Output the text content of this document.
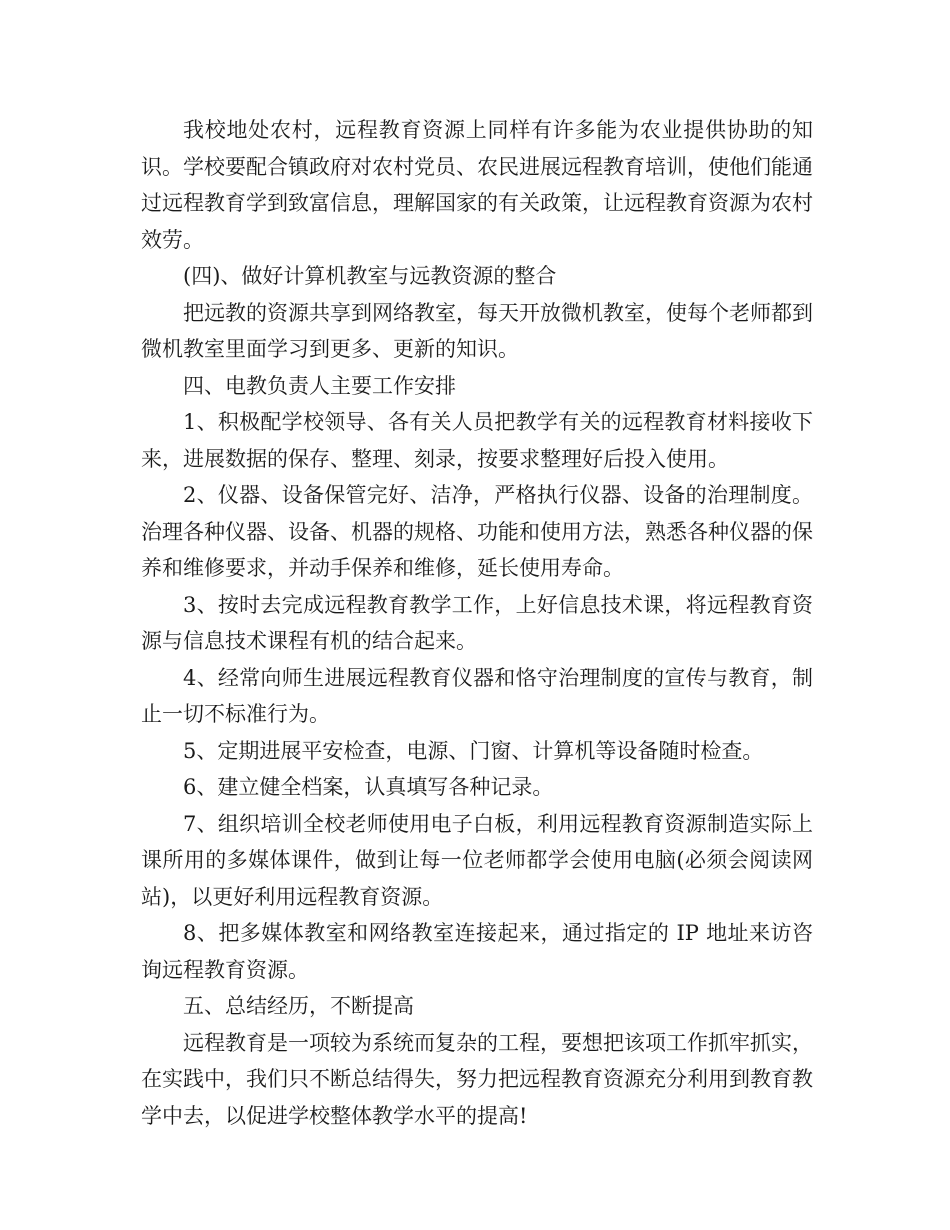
我校地处农村，远程教育资源上同样有许多能为农业提供协助的知识。学校要配合镇政府对农村党员、农民进展远程教育培训，使他们能通过远程教育学到致富信息，理解国家的有关政策，让远程教育资源为农村效劳。

(四)、做好计算机教室与远教资源的整合

把远教的资源共享到网络教室，每天开放微机教室，使每个老师都到微机教室里面学习到更多、更新的知识。

四、电教负责人主要工作安排

1、积极配学校领导、各有关人员把教学有关的远程教育材料接收下来，进展数据的保存、整理、刻录，按要求整理好后投入使用。

2、仪器、设备保管完好、洁净，严格执行仪器、设备的治理制度。治理各种仪器、设备、机器的规格、功能和使用方法，熟悉各种仪器的保养和维修要求，并动手保养和维修，延长使用寿命。

3、按时去完成远程教育教学工作，上好信息技术课，将远程教育资源与信息技术课程有机的结合起来。

4、经常向师生进展远程教育仪器和恪守治理制度的宣传与教育，制止一切不标准行为。

5、定期进展平安检查，电源、门窗、计算机等设备随时检查。

6、建立健全档案，认真填写各种记录。

7、组织培训全校老师使用电子白板，利用远程教育资源制造实际上课所用的多媒体课件，做到让每一位老师都学会使用电脑(必须会阅读网站)，以更好利用远程教育资源。

8、把多媒体教室和网络教室连接起来，通过指定的 IP 地址来访咨询远程教育资源。

五、总结经历，不断提高

远程教育是一项较为系统而复杂的工程，要想把该项工作抓牢抓实，在实践中，我们只不断总结得失，努力把远程教育资源充分利用到教育教学中去，以促进学校整体教学水平的提高!
